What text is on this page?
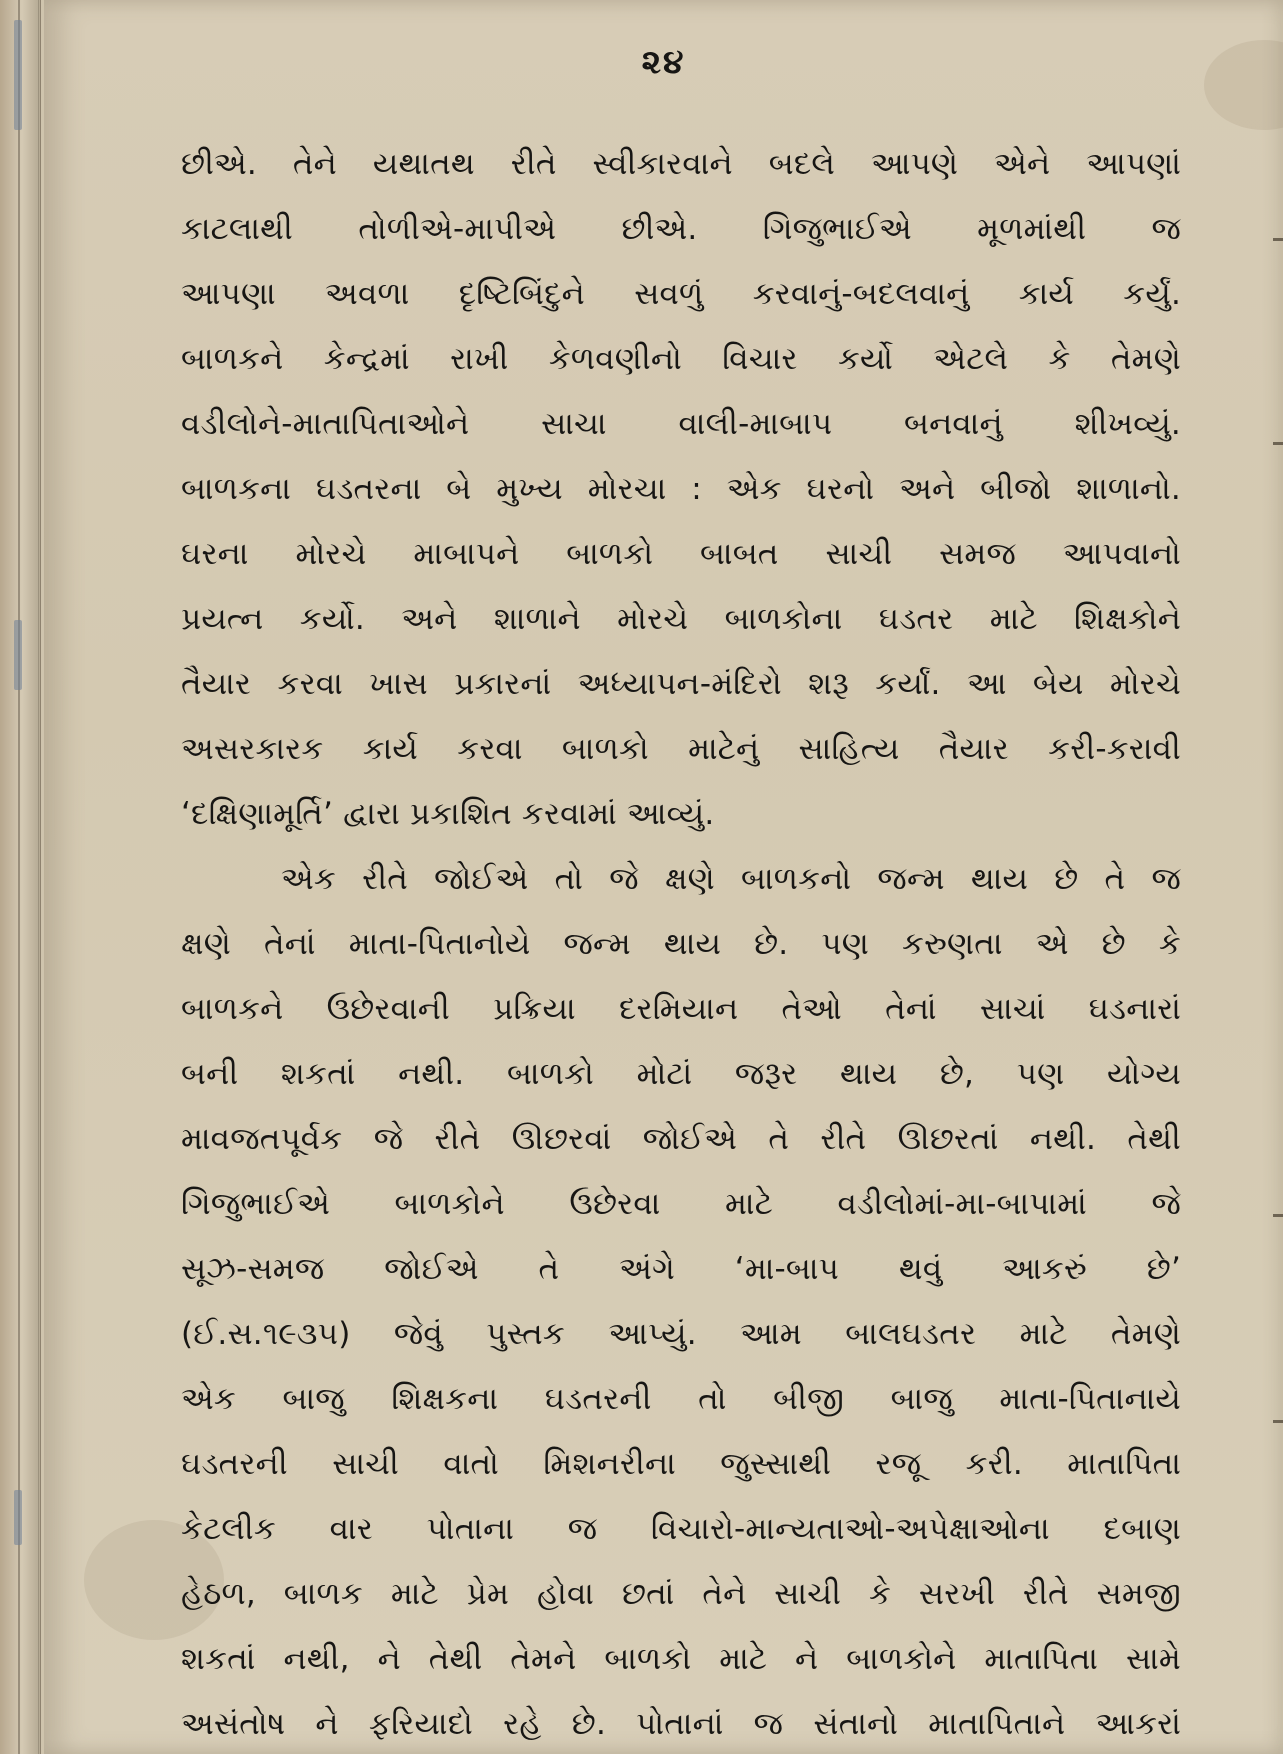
૨૪
છીએ. તેને યથાતથ રીતે સ્વીકારવાને બદલે આપણે એને આપણાં
કાટલાથી તોળીએ-માપીએ છીએ. ગિજુભાઈએ મૂળમાંથી જ
આપણા અવળા દૃષ્ટિબિંદુને સવળું કરવાનું-બદલવાનું કાર્ય કર્યું.
બાળકને કેન્દ્રમાં રાખી કેળવણીનો વિચાર કર્યો એટલે કે તેમણે
વડીલોને-માતાપિતાઓને સાચા વાલી-માબાપ બનવાનું શીખવ્યું.
બાળકના ઘડતરના બે મુખ્ય મોરચા : એક ઘરનો અને બીજો શાળાનો.
ઘરના મોરચે માબાપને બાળકો બાબત સાચી સમજ આપવાનો
પ્રયત્ન કર્યો. અને શાળાને મોરચે બાળકોના ઘડતર માટે શિક્ષકોને
તૈયાર કરવા ખાસ પ્રકારનાં અધ્યાપન-મંદિરો શરૂ કર્યાં. આ બેય મોરચે
અસરકારક કાર્ય કરવા બાળકો માટેનું સાહિત્ય તૈયાર કરી-કરાવી
‘દક્ષિણામૂર્તિ’ દ્વારા પ્રકાશિત કરવામાં આવ્યું.
એક રીતે જોઈએ તો જે ક્ષણે બાળકનો જન્મ થાય છે તે જ
ક્ષણે તેનાં માતા-પિતાનોયે જન્મ થાય છે. પણ કરુણતા એ છે કે
બાળકને ઉછેરવાની પ્રક્રિયા દરમિયાન તેઓ તેનાં સાચાં ઘડનારાં
બની શકતાં નથી. બાળકો મોટાં જરૂર થાય છે, પણ યોગ્ય
માવજતપૂર્વક જે રીતે ઊછરવાં જોઈએ તે રીતે ઊછરતાં નથી. તેથી
ગિજુભાઈએ બાળકોને ઉછેરવા માટે વડીલોમાં-મા-બાપામાં જે
સૂઝ-સમજ જોઈએ તે અંગે ‘મા-બાપ થવું આકરું છે’
(ઈ.સ.૧૯૩૫) જેવું પુસ્તક આપ્યું. આમ બાલઘડતર માટે તેમણે
એક બાજુ શિક્ષકના ઘડતરની તો બીજી બાજુ માતા-પિતાનાયે
ઘડતરની સાચી વાતો મિશનરીના જુસ્સાથી રજૂ કરી. માતાપિતા
કેટલીક વાર પોતાના જ વિચારો-માન્યતાઓ-અપેક્ષાઓના દબાણ
હેઠળ, બાળક માટે પ્રેમ હોવા છતાં તેને સાચી કે સરખી રીતે સમજી
શકતાં નથી, ને તેથી તેમને બાળકો માટે ને બાળકોને માતાપિતા સામે
અસંતોષ ને ફરિયાદો રહે છે. પોતાનાં જ સંતાનો માતાપિતાને આકરાં
